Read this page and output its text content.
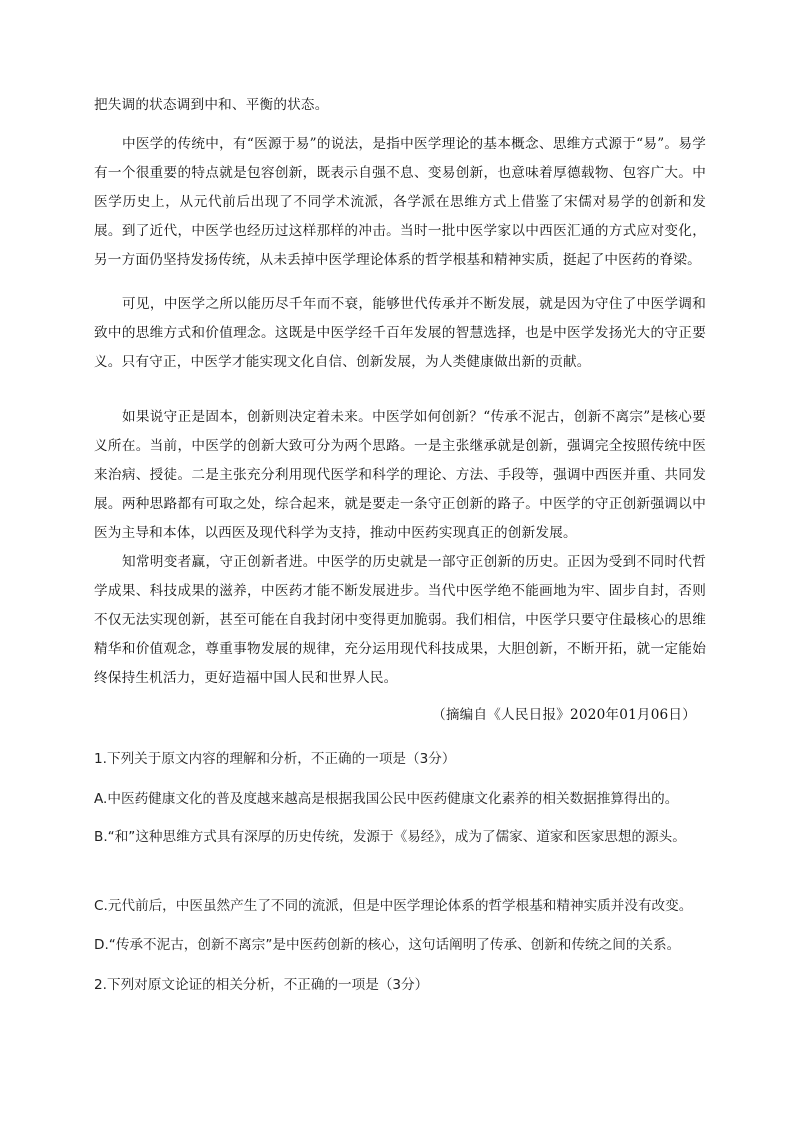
把失调的状态调到中和、平衡的状态。

中医学的传统中，有“医源于易”的说法，是指中医学理论的基本概念、思维方式源于“易”。易学有一个很重要的特点就是包容创新，既表示自强不息、变易创新，也意味着厚德载物、包容广大。中医学历史上，从元代前后出现了不同学术流派，各学派在思维方式上借鉴了宋儒对易学的创新和发展。到了近代，中医学也经历过这样那样的冲击。当时一批中医学家以中西医汇通的方式应对变化，另一方面仍坚持发扬传统，从未丢掉中医学理论体系的哲学根基和精神实质，挺起了中医药的脊梁。

可见，中医学之所以能历尽千年而不衰，能够世代传承并不断发展，就是因为守住了中医学调和致中的思维方式和价值理念。这既是中医学经千百年发展的智慧选择，也是中医学发扬光大的守正要义。只有守正，中医学才能实现文化自信、创新发展，为人类健康做出新的贡献。

如果说守正是固本，创新则决定着未来。中医学如何创新？“传承不泥古，创新不离宗”是核心要义所在。当前，中医学的创新大致可分为两个思路。一是主张继承就是创新，强调完全按照传统中医来治病、授徒。二是主张充分利用现代医学和科学的理论、方法、手段等，强调中西医并重、共同发展。两种思路都有可取之处，综合起来，就是要走一条守正创新的路子。中医学的守正创新强调以中医为主导和本体，以西医及现代科学为支持，推动中医药实现真正的创新发展。

知常明变者赢，守正创新者进。中医学的历史就是一部守正创新的历史。正因为受到不同时代哲学成果、科技成果的滋养，中医药才能不断发展进步。当代中医学绝不能画地为牢、固步自封，否则不仅无法实现创新，甚至可能在自我封闭中变得更加脆弱。我们相信，中医学只要守住最核心的思维精华和价值观念，尊重事物发展的规律，充分运用现代科技成果，大胆创新，不断开拓，就一定能始终保持生机活力，更好造福中国人民和世界人民。

（摘编自《人民日报》2020年01月06日）

1.下列关于原文内容的理解和分析，不正确的一项是（3分）

A.中医药健康文化的普及度越来越高是根据我国公民中医药健康文化素养的相关数据推算得出的。

B.“和”这种思维方式具有深厚的历史传统，发源于《易经》，成为了儒家、道家和医家思想的源头。

C.元代前后，中医虽然产生了不同的流派，但是中医学理论体系的哲学根基和精神实质并没有改变。

D.“传承不泥古，创新不离宗”是中医药创新的核心，这句话阐明了传承、创新和传统之间的关系。

2.下列对原文论证的相关分析，不正确的一项是（3分）
